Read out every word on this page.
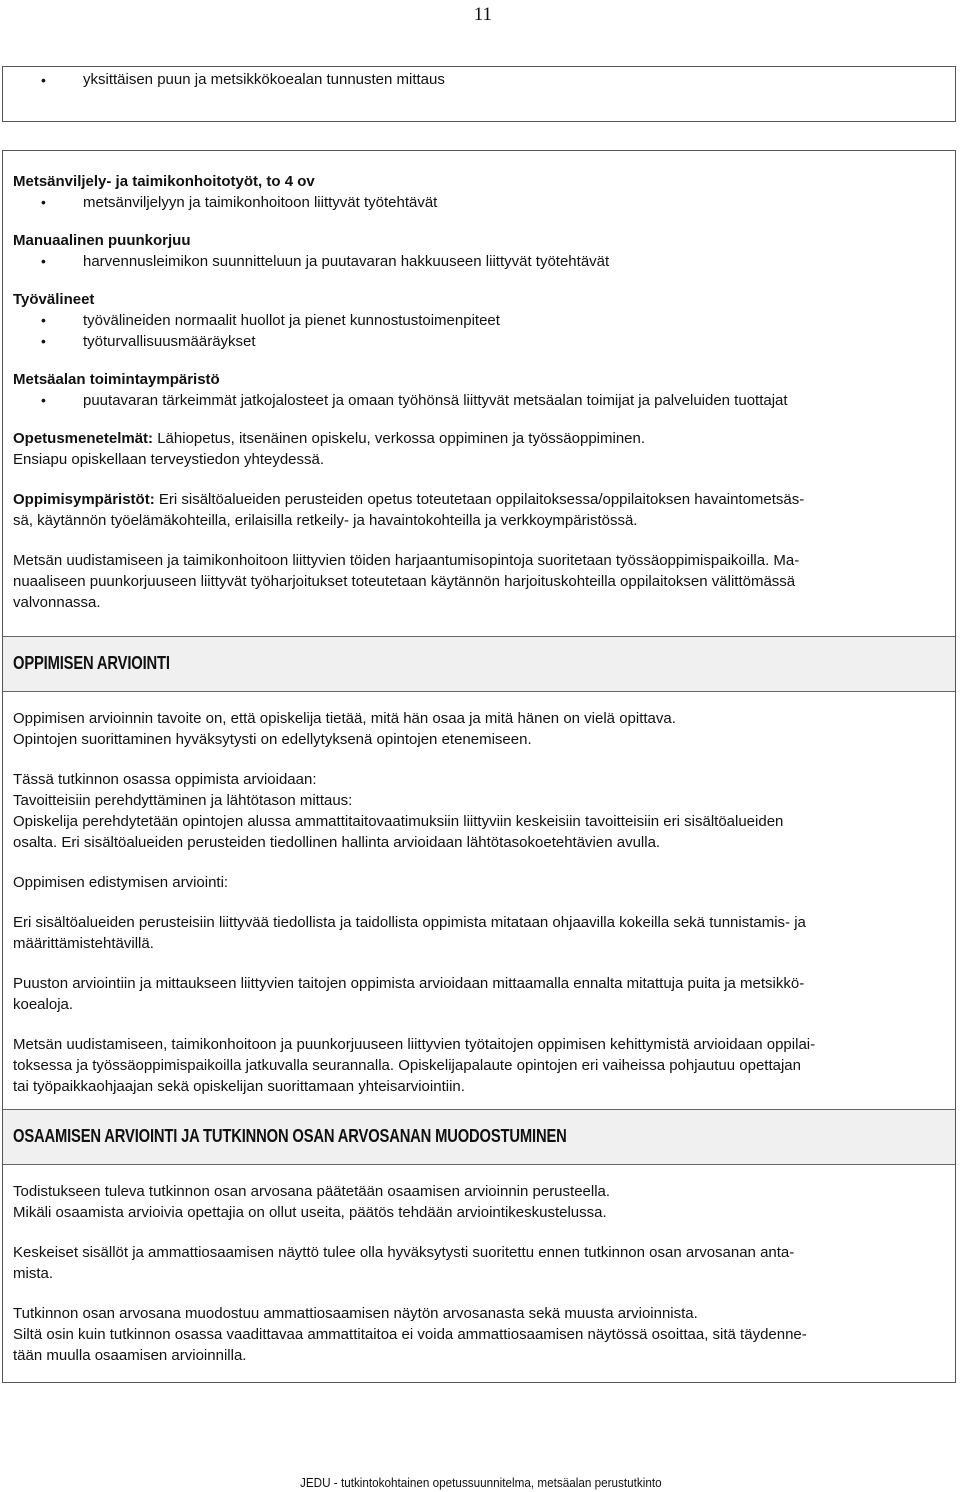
11
• yksittäisen puun ja metsikkökoealan tunnusten mittaus
Metsänviljely- ja taimikonhoitotyöt, to 4 ov
• metsänviljelyyn ja taimikonhoitoon liittyvät työtehtävät
Manuaalinen puunkorjuu
• harvennusleimikon suunnitteluun ja puutavaran hakkuuseen liittyvät työtehtävät
Työvälineet
• työvälineiden normaalit huollot ja pienet kunnostustoimenpiteet
• työturvallisuusmääräykset
Metsäalan toimintaympäristö
• puutavaran tärkeimmät jatkojalosteet ja omaan työhönsä liittyvät metsäalan toimijat ja palveluiden tuottajat

Opetusmenetelmät: Lähiopetus, itsenäinen opiskelu, verkossa oppiminen ja työssäoppiminen.

Ensiapu opiskellaan terveystiedon yhteydessä.

Oppimisympäristöt: Eri sisältöalueiden perusteiden opetus toteutetaan oppilaitoksessa/oppilaitoksen havaintometsäs-

sä, käytännön työelämäkohteilla, erilaisilla retkeily- ja havaintokohteilla ja verkkoympäristössä.

Metsän uudistamiseen ja taimikonhoitoon liittyvien töiden harjaantumisopintoja suoritetaan työssäoppimispaikoilla. Ma-

nuaaliseen puunkorjuuseen liittyvät työharjoitukset toteutetaan käytännön harjoituskohteilla oppilaitoksen välittömässä

valvonnassa.

OPPIMISEN ARVIOINTI

Oppimisen arvioinnin tavoite on, että opiskelija tietää, mitä hän osaa ja mitä hänen on vielä opittava.

Opintojen suorittaminen hyväksytysti on edellytyksenä opintojen etenemiseen.

Tässä tutkinnon osassa oppimista arvioidaan:

Tavoitteisiin perehdyttäminen ja lähtötason mittaus:

Opiskelija perehdytetään opintojen alussa ammattitaitovaatimuksiin liittyviin keskeisiin tavoitteisiin eri sisältöalueiden

osalta. Eri sisältöalueiden perusteiden tiedollinen hallinta arvioidaan lähtötasokoetehtävien avulla.

Oppimisen edistymisen arviointi:

Eri sisältöalueiden perusteisiin liittyvää tiedollista ja taidollista oppimista mitataan ohjaavilla kokeilla sekä tunnistamis- ja

määrittämistehtävillä.

Puuston arviointiin ja mittaukseen liittyvien taitojen oppimista arvioidaan mittaamalla ennalta mitattuja puita ja metsikkö-

koealoja.

Metsän uudistamiseen, taimikonhoitoon ja puunkorjuuseen liittyvien työtaitojen oppimisen kehittymistä arvioidaan oppilai-

toksessa ja työssäoppimispaikoilla jatkuvalla seurannalla. Opiskelijapalaute opintojen eri vaiheissa pohjautuu opettajan

tai työpaikkaohjaajan sekä opiskelijan suorittamaan yhteisarviointiin.

OSAAMISEN ARVIOINTI JA TUTKINNON OSAN ARVOSANAN MUODOSTUMINEN

Todistukseen tuleva tutkinnon osan arvosana päätetään osaamisen arvioinnin perusteella.

Mikäli osaamista arvioivia opettajia on ollut useita, päätös tehdään arviointikeskustelussa.

Keskeiset sisällöt ja ammattiosaamisen näyttö tulee olla hyväksytysti suoritettu ennen tutkinnon osan arvosanan anta-

mista.

Tutkinnon osan arvosana muodostuu ammattiosaamisen näytön arvosanasta sekä muusta arvioinnista.

Siltä osin kuin tutkinnon osassa vaadittavaa ammattitaitoa ei voida ammattiosaamisen näytössä osoittaa, sitä täydenne-

tään muulla osaamisen arvioinnilla.

JEDU - tutkintokohtainen opetussuunnitelma, metsäalan perustutkinto
